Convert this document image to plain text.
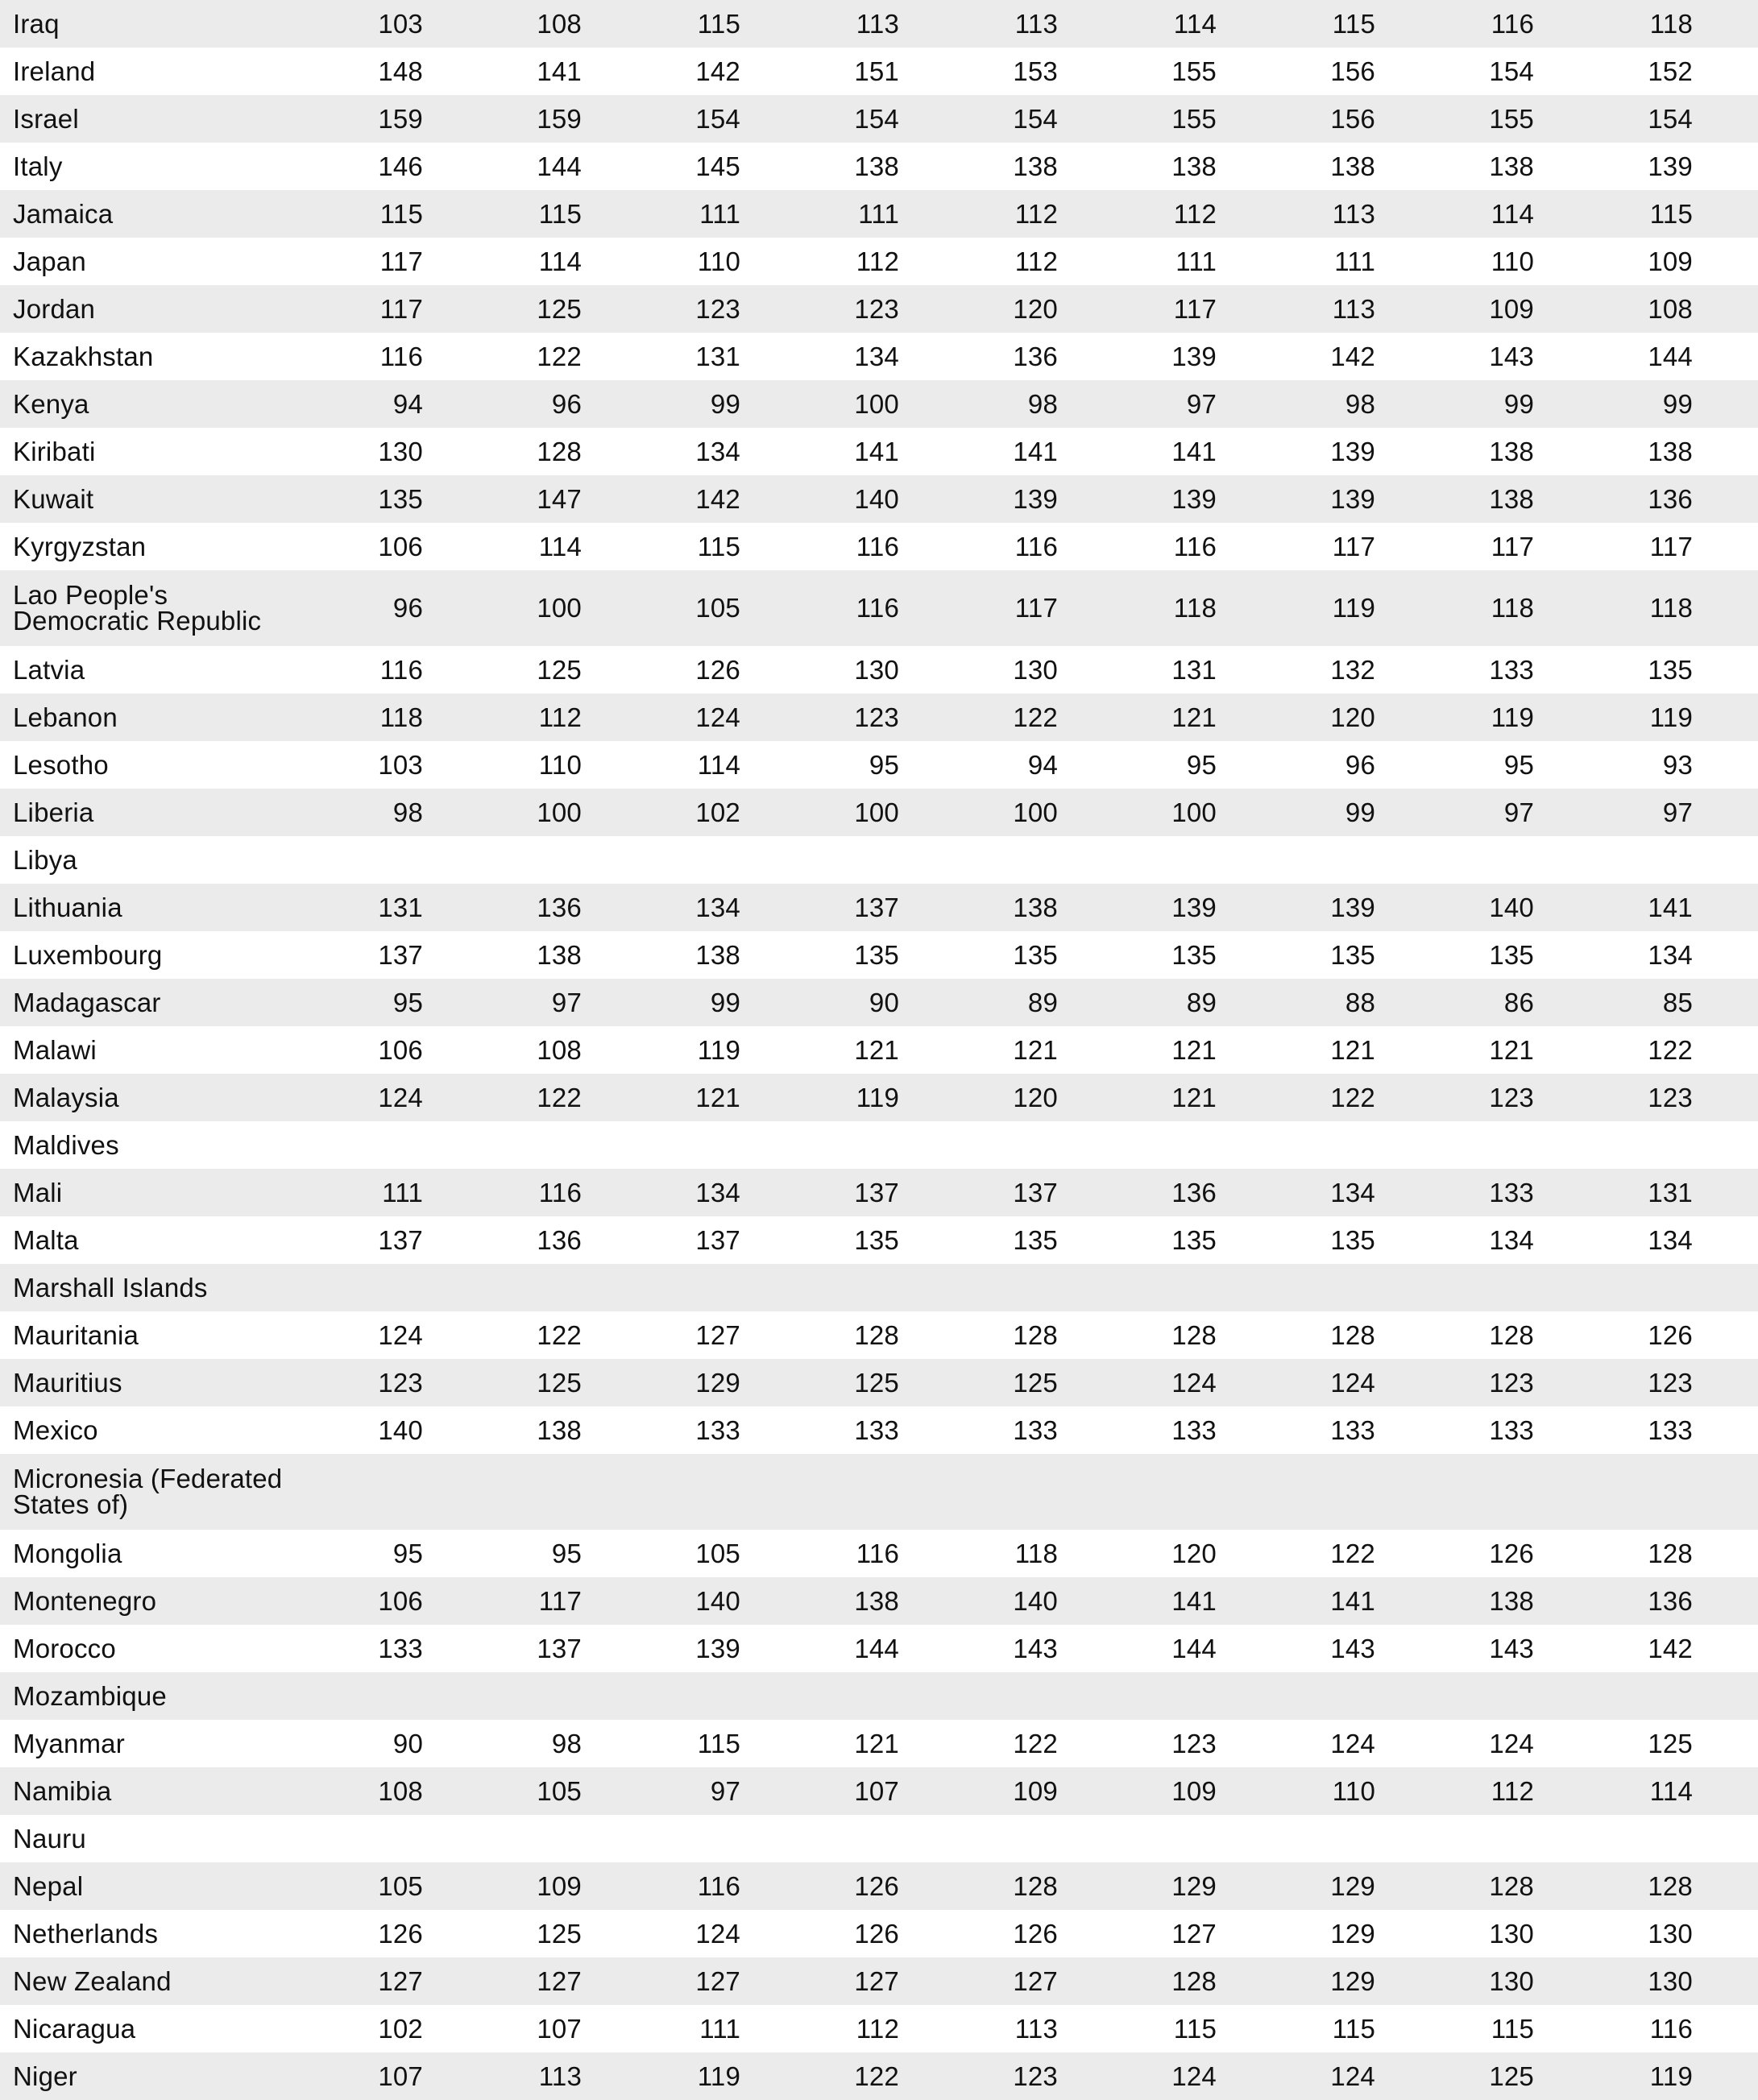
Iraq	103	108	115	113	113	114	115	116	118
Ireland	148	141	142	151	153	155	156	154	152
Israel	159	159	154	154	154	155	156	155	154
Italy	146	144	145	138	138	138	138	138	139
Jamaica	115	115	111	111	112	112	113	114	115
Japan	117	114	110	112	112	111	111	110	109
Jordan	117	125	123	123	120	117	113	109	108
Kazakhstan	116	122	131	134	136	139	142	143	144
Kenya	94	96	99	100	98	97	98	99	99
Kiribati	130	128	134	141	141	141	139	138	138
Kuwait	135	147	142	140	139	139	139	138	136
Kyrgyzstan	106	114	115	116	116	116	117	117	117
Lao People's Democratic Republic	96	100	105	116	117	118	119	118	118
Latvia	116	125	126	130	130	131	132	133	135
Lebanon	118	112	124	123	122	121	120	119	119
Lesotho	103	110	114	95	94	95	96	95	93
Liberia	98	100	102	100	100	100	99	97	97
Libya
Lithuania	131	136	134	137	138	139	139	140	141
Luxembourg	137	138	138	135	135	135	135	135	134
Madagascar	95	97	99	90	89	89	88	86	85
Malawi	106	108	119	121	121	121	121	121	122
Malaysia	124	122	121	119	120	121	122	123	123
Maldives
Mali	111	116	134	137	137	136	134	133	131
Malta	137	136	137	135	135	135	135	134	134
Marshall Islands
Mauritania	124	122	127	128	128	128	128	128	126
Mauritius	123	125	129	125	125	124	124	123	123
Mexico	140	138	133	133	133	133	133	133	133
Micronesia (Federated States of)
Mongolia	95	95	105	116	118	120	122	126	128
Montenegro	106	117	140	138	140	141	141	138	136
Morocco	133	137	139	144	143	144	143	143	142
Mozambique
Myanmar	90	98	115	121	122	123	124	124	125
Namibia	108	105	97	107	109	109	110	112	114
Nauru
Nepal	105	109	116	126	128	129	129	128	128
Netherlands	126	125	124	126	126	127	129	130	130
New Zealand	127	127	127	127	127	128	129	130	130
Nicaragua	102	107	111	112	113	115	115	115	116
Niger	107	113	119	122	123	124	124	125	119
